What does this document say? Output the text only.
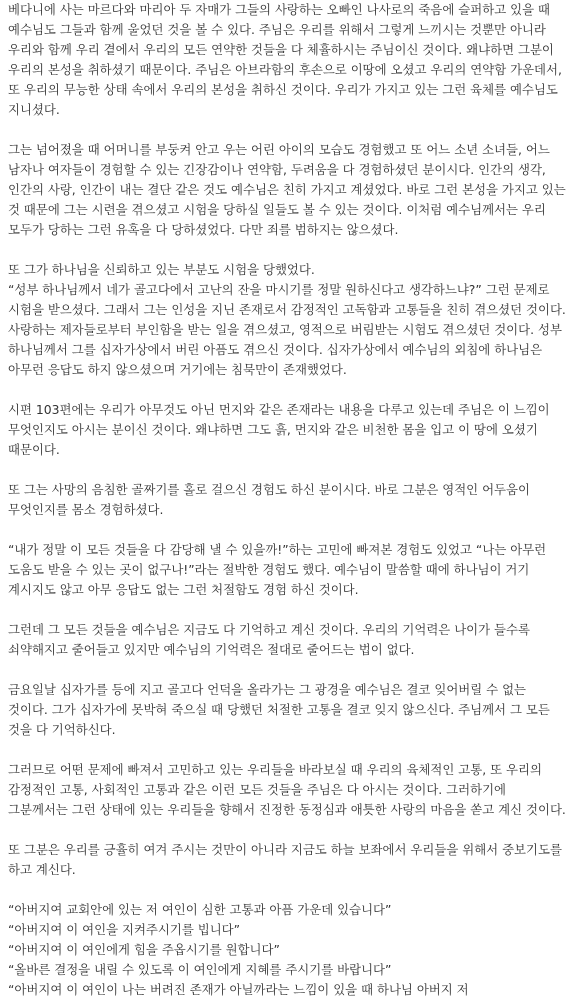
베다니에 사는 마르다와 마리아 두 자매가 그들의 사랑하는 오빠인 나사로의 죽음에 슬퍼하고 있을 때 예수님도 그들과 함께 울었던 것을 볼 수 있다. 주님은 우리를 위해서 그렇게 느끼시는 것뿐만 아니라 우리와 함께 우리 곁에서 우리의 모든 연약한 것들을 다 체휼하시는 주님이신 것이다. 왜냐하면 그분이 우리의 본성을 취하셨기 때문이다. 주님은 아브라함의 후손으로 이땅에 오셨고 우리의 연약함 가운데서, 또 우리의 무능한 상태 속에서 우리의 본성을 취하신 것이다. 우리가 가지고 있는 그런 육체를 예수님도 지니셨다.

그는 넘어졌을 때 어머니를 부둥켜 안고 우는 어린 아이의 모습도 경험했고 또 어느 소년 소녀들, 어느 남자나 여자들이 경험할 수 있는 긴장감이나 연약함, 두려움을 다 경험하셨던 분이시다. 인간의 생각, 인간의 사랑, 인간이 내는 결단 같은 것도 예수님은 친히 가지고 계셨었다. 바로 그런 본성을 가지고 있는 것 때문에 그는 시련을 겪으셨고 시험을 당하실 일들도 볼 수 있는 것이다. 이처럼 예수님께서는 우리 모두가 당하는 그런 유혹을 다 당하셨었다. 다만 죄를 범하지는 않으셨다.

또 그가 하나님을 신뢰하고 있는 부분도 시험을 당했었다.
“성부 하나님께서 네가 골고다에서 고난의 잔을 마시기를 정말 원하신다고 생각하느냐?” 그런 문제로 시험을 받으셨다. 그래서 그는 인성을 지닌 존재로서 감정적인 고독함과 고통들을 친히 겪으셨던 것이다. 사랑하는 제자들로부터 부인함을 받는 일을 겪으셨고, 영적으로 버림받는 시험도 겪으셨던 것이다. 성부 하나님께서 그를 십자가상에서 버린 아픔도 겪으신 것이다. 십자가상에서 예수님의 외침에 하나님은 아무런 응답도 하지 않으셨으며 거기에는 침묵만이 존재했었다.

시편 103편에는 우리가 아무것도 아닌 먼지와 같은 존재라는 내용을 다루고 있는데 주님은 이 느낌이 무엇인지도 아시는 분이신 것이다. 왜냐하면 그도 흙, 먼지와 같은 비천한 몸을 입고 이 땅에 오셨기 때문이다.

또 그는 사망의 음침한 골짜기를 홀로 걸으신 경험도 하신 분이시다. 바로 그분은 영적인 어두움이 무엇인지를 몸소 경험하셨다.

“내가 정말 이 모든 것들을 다 감당해 낼 수 있을까!”하는 고민에 빠져본 경험도 있었고 “나는 아무런 도움도 받을 수 있는 곳이 없구나!”라는 절박한 경험도 했다. 예수님이 말씀할 때에 하나님이 거기 계시지도 않고 아무 응답도 없는 그런 처절함도 경험 하신 것이다.

그런데 그 모든 것들을 예수님은 지금도 다 기억하고 계신 것이다. 우리의 기억력은 나이가 들수록 쇠약해지고 줄어들고 있지만 예수님의 기억력은 절대로 줄어드는 법이 없다.

금요일날 십자가를 등에 지고 골고다 언덕을 올라가는 그 광경을 예수님은 결코 잊어버릴 수 없는 것이다. 그가 십자가에 못박혀 죽으실 때 당했던 처절한 고통을 결코 잊지 않으신다. 주님께서 그 모든 것을 다 기억하신다.

그러므로 어떤 문제에 빠져서 고민하고 있는 우리들을 바라보실 때 우리의 육체적인 고통, 또 우리의 감정적인 고통, 사회적인 고통과 같은 이런 모든 것들을 주님은 다 아시는 것이다. 그러하기에 그분께서는 그런 상태에 있는 우리들을 향해서 진정한 동정심과 애틋한 사랑의 마음을 쏟고 계신 것이다.

또 그분은 우리를 긍휼히 여겨 주시는 것만이 아니라 지금도 하늘 보좌에서 우리들을 위해서 중보기도를 하고 계신다.

“아버지여 교회안에 있는 저 여인이 심한 고통과 아픔 가운데 있습니다”

“아버지여 이 여인을 지켜주시기를 빕니다”

“아버지여 이 여인에게 힘을 주옵시기를 원합니다”

“올바른 결정을 내릴 수 있도록 이 여인에게 지혜를 주시기를 바랍니다”

“아버지여 이 여인이 나는 버려진 존재가 아닐까라는 느낌이 있을 때 하나님 아버지 저
